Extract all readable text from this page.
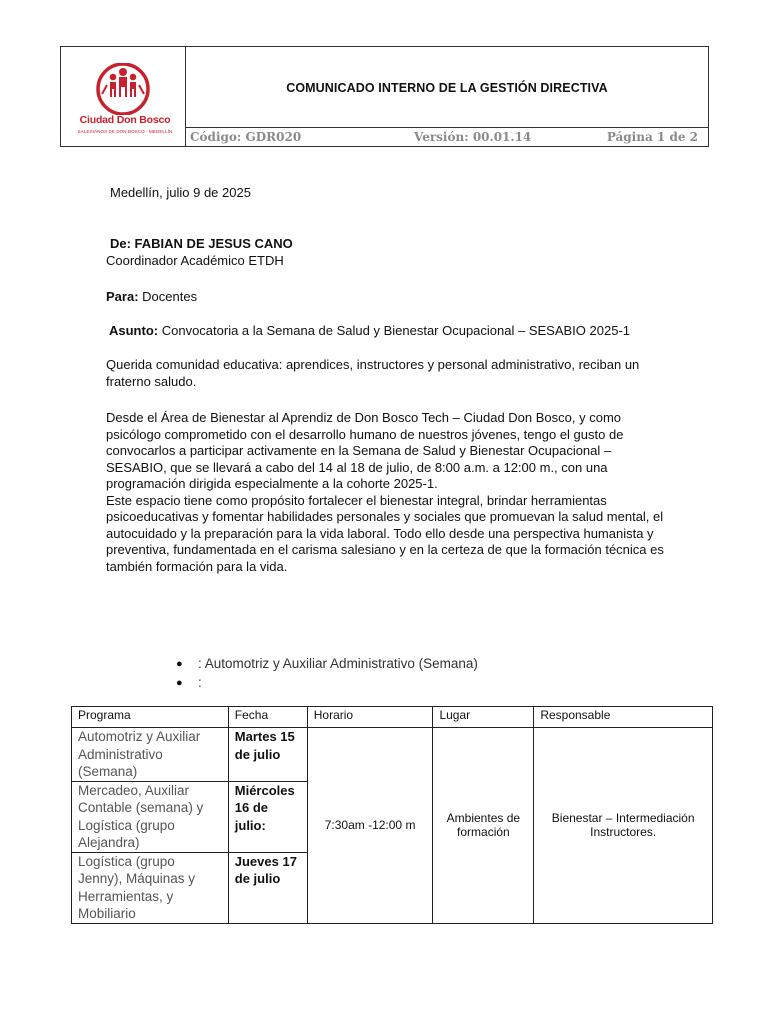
Ciudad Don Bosco
SALESIANOS DE DON BOSCO · MEDELLÍN
COMUNICADO INTERNO DE LA GESTIÓN DIRECTIVA
Código: GDR020	Versión: 00.01.14	Página 1 de 2
Medellín, julio 9 de 2025
De: FABIAN DE JESUS CANO
Coordinador Académico ETDH
Para: Docentes
Asunto: Convocatoria a la Semana de Salud y Bienestar Ocupacional – SESABIO 2025-1

Querida comunidad educativa: aprendices, instructores y personal administrativo, reciban un fraterno saludo.

Desde el Área de Bienestar al Aprendiz de Don Bosco Tech – Ciudad Don Bosco, y como psicólogo comprometido con el desarrollo humano de nuestros jóvenes, tengo el gusto de convocarlos a participar activamente en la Semana de Salud y Bienestar Ocupacional – SESABIO, que se llevará a cabo del 14 al 18 de julio, de 8:00 a.m. a 12:00 m., con una programación dirigida especialmente a la cohorte 2025-1.

Este espacio tiene como propósito fortalecer el bienestar integral, brindar herramientas psicoeducativas y fomentar habilidades personales y sociales que promuevan la salud mental, el autocuidado y la preparación para la vida laboral. Todo ello desde una perspectiva humanista y preventiva, fundamentada en el carisma salesiano y en la certeza de que la formación técnica es también formación para la vida.

●	: Automotriz y Auxiliar Administrativo (Semana)
●	:
Programa	Fecha	Horario	Lugar	Responsable
Automotriz y Auxiliar Administrativo (Semana)	Martes 15 de julio	7:30am -12:00 m	Ambientes de formación	Bienestar – Intermediación Instructores.
Mercadeo, Auxiliar Contable (semana) y Logística (grupo Alejandra)	Miércoles 16 de julio:			
Logística (grupo Jenny), Máquinas y Herramientas, y Mobiliario	Jueves 17 de julio			
